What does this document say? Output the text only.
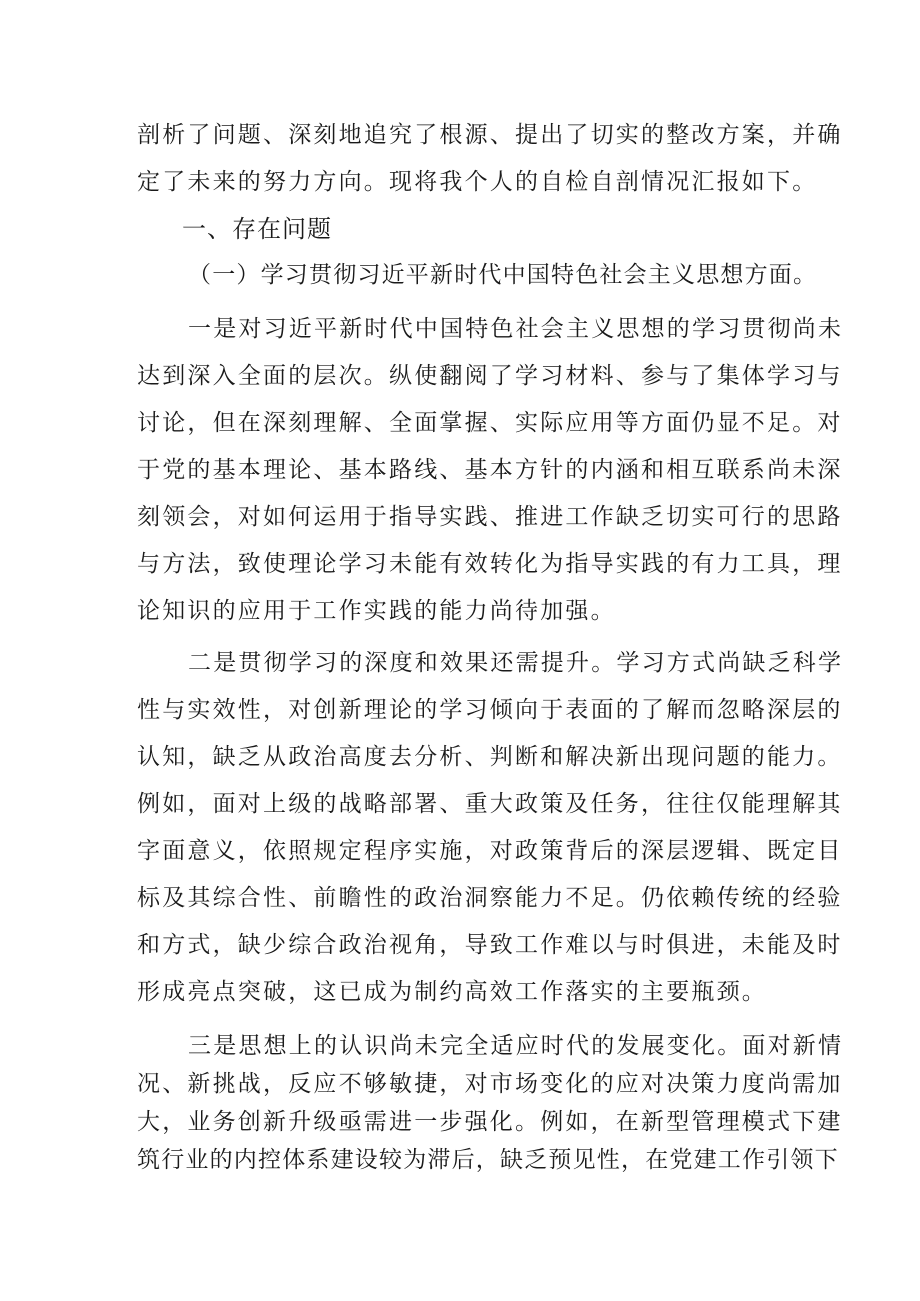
剖析了问题、深刻地追究了根源、提出了切实的整改方案，并确
定了未来的努力方向。现将我个人的自检自剖情况汇报如下。
一、存在问题
（一）学习贯彻习近平新时代中国特色社会主义思想方面。
一是对习近平新时代中国特色社会主义思想的学习贯彻尚未
达到深入全面的层次。纵使翻阅了学习材料、参与了集体学习与
讨论，但在深刻理解、全面掌握、实际应用等方面仍显不足。对
于党的基本理论、基本路线、基本方针的内涵和相互联系尚未深
刻领会，对如何运用于指导实践、推进工作缺乏切实可行的思路
与方法，致使理论学习未能有效转化为指导实践的有力工具，理
论知识的应用于工作实践的能力尚待加强。
二是贯彻学习的深度和效果还需提升。学习方式尚缺乏科学
性与实效性，对创新理论的学习倾向于表面的了解而忽略深层的
认知，缺乏从政治高度去分析、判断和解决新出现问题的能力。
例如，面对上级的战略部署、重大政策及任务，往往仅能理解其
字面意义，依照规定程序实施，对政策背后的深层逻辑、既定目
标及其综合性、前瞻性的政治洞察能力不足。仍依赖传统的经验
和方式，缺少综合政治视角，导致工作难以与时俱进，未能及时
形成亮点突破，这已成为制约高效工作落实的主要瓶颈。
三是思想上的认识尚未完全适应时代的发展变化。面对新情
况、新挑战，反应不够敏捷，对市场变化的应对决策力度尚需加
大，业务创新升级亟需进一步强化。例如，在新型管理模式下建
筑行业的内控体系建设较为滞后，缺乏预见性，在党建工作引领下
